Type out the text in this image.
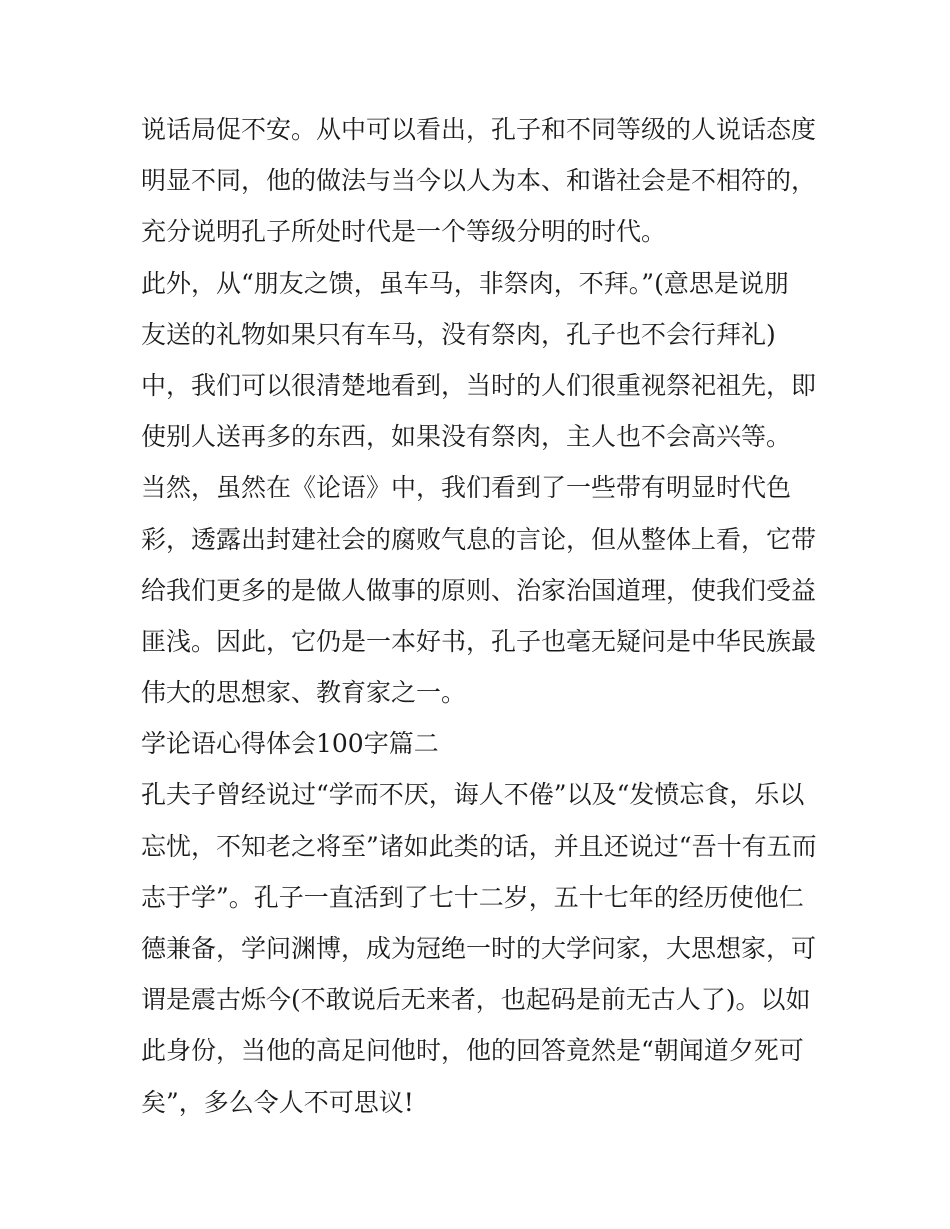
说话局促不安。从中可以看出，孔子和不同等级的人说话态度
明显不同，他的做法与当今以人为本、和谐社会是不相符的，
充分说明孔子所处时代是一个等级分明的时代。
此外，从“朋友之馈，虽车马，非祭肉，不拜。”(意思是说朋
友送的礼物如果只有车马，没有祭肉，孔子也不会行拜礼)
中，我们可以很清楚地看到，当时的人们很重视祭祀祖先，即
使别人送再多的东西，如果没有祭肉，主人也不会高兴等。
当然，虽然在《论语》中，我们看到了一些带有明显时代色
彩，透露出封建社会的腐败气息的言论，但从整体上看，它带
给我们更多的是做人做事的原则、治家治国道理，使我们受益
匪浅。因此，它仍是一本好书，孔子也毫无疑问是中华民族最
伟大的思想家、教育家之一。
学论语心得体会100字篇二
孔夫子曾经说过“学而不厌，诲人不倦”以及“发愤忘食，乐以
忘忧，不知老之将至”诸如此类的话，并且还说过“吾十有五而
志于学”。孔子一直活到了七十二岁，五十七年的经历使他仁
德兼备，学问渊博，成为冠绝一时的大学问家，大思想家，可
谓是震古烁今(不敢说后无来者，也起码是前无古人了)。以如
此身份，当他的高足问他时，他的回答竟然是“朝闻道夕死可
矣”，多么令人不可思议!
